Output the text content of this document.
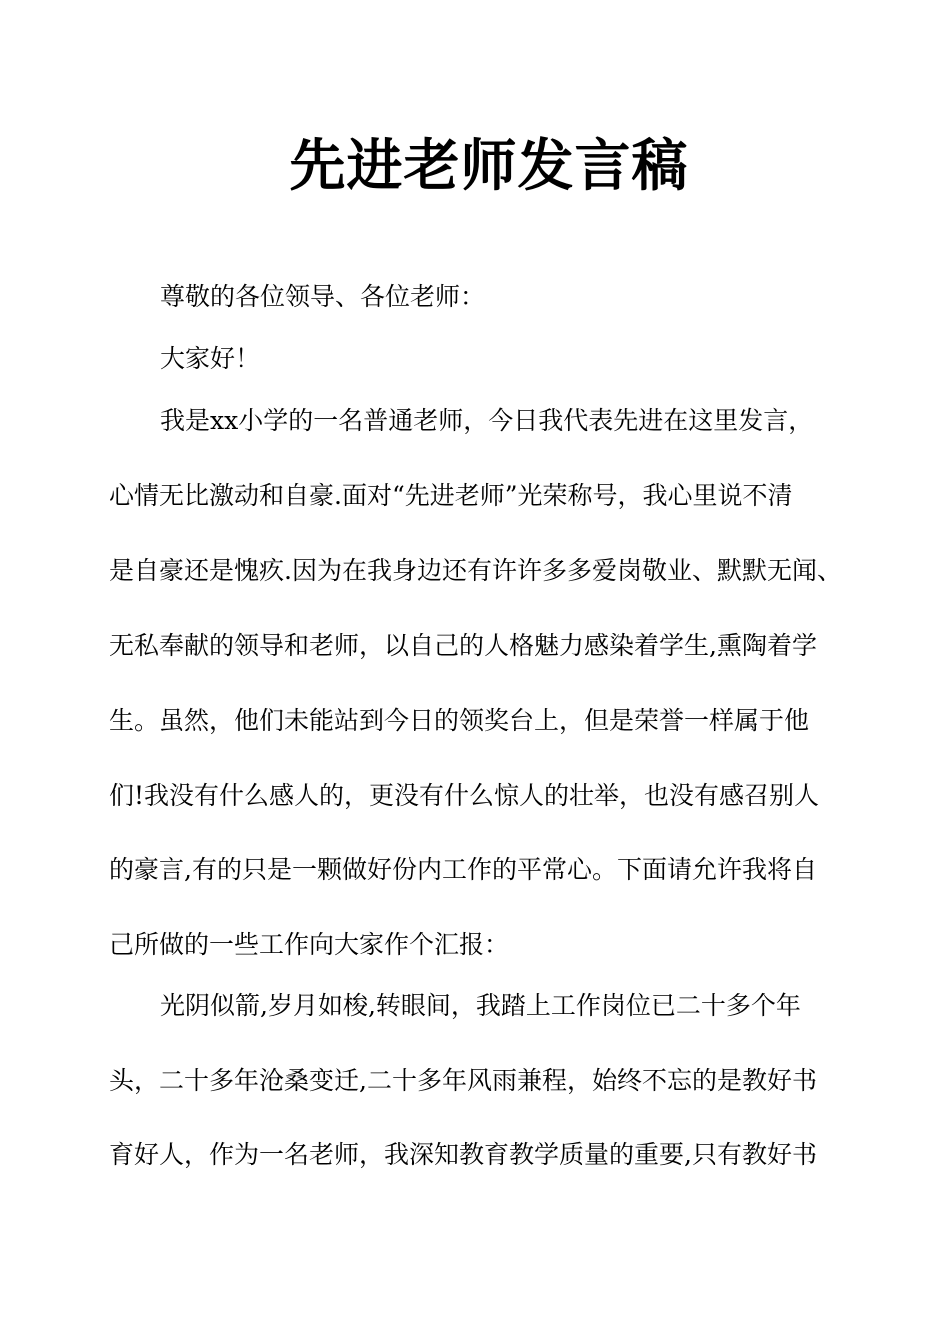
先进老师发言稿
尊敬的各位领导、各位老师：
大家好！
我是xx小学的一名普通老师，今日我代表先进在这里发言，
心情无比激动和自豪.面对“先进老师”光荣称号，我心里说不清
是自豪还是愧疚.因为在我身边还有许许多多爱岗敬业、默默无闻、
无私奉献的领导和老师，以自己的人格魅力感染着学生,熏陶着学
生。虽然，他们未能站到今日的领奖台上，但是荣誉一样属于他
们!我没有什么感人的，更没有什么惊人的壮举，也没有感召别人
的豪言,有的只是一颗做好份内工作的平常心。下面请允许我将自
己所做的一些工作向大家作个汇报：
光阴似箭,岁月如梭,转眼间，我踏上工作岗位已二十多个年
头，二十多年沧桑变迁,二十多年风雨兼程，始终不忘的是教好书
育好人，作为一名老师，我深知教育教学质量的重要,只有教好书
